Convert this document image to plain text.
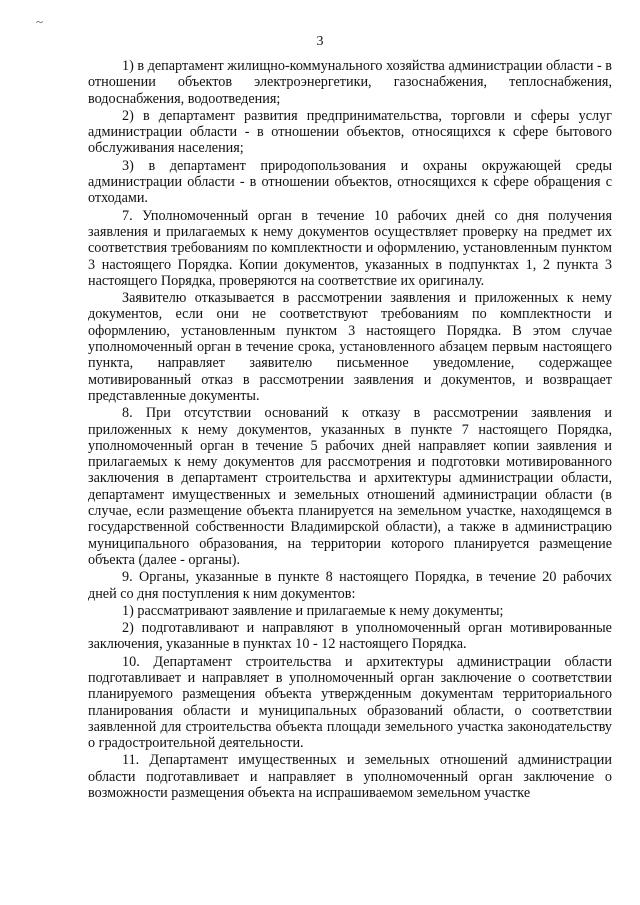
~
3

1) в департамент жилищно-коммунального хозяйства администрации области - в отношении объектов электроэнергетики, газоснабжения, теплоснабжения, водоснабжения, водоотведения;

2) в департамент развития предпринимательства, торговли и сферы услуг администрации области - в отношении объектов, относящихся к сфере бытового обслуживания населения;

3) в департамент природопользования и охраны окружающей среды администрации области - в отношении объектов, относящихся к сфере обращения с отходами.

7. Уполномоченный орган в течение 10 рабочих дней со дня получения заявления и прилагаемых к нему документов осуществляет проверку на предмет их соответствия требованиям по комплектности и оформлению, установленным пунктом 3 настоящего Порядка. Копии документов, указанных в подпунктах 1, 2 пункта 3 настоящего Порядка, проверяются на соответствие их оригиналу.

Заявителю отказывается в рассмотрении заявления и приложенных к нему документов, если они не соответствуют требованиям по комплектности и оформлению, установленным пунктом 3 настоящего Порядка. В этом случае уполномоченный орган в течение срока, установленного абзацем первым настоящего пункта, направляет заявителю письменное уведомление, содержащее мотивированный отказ в рассмотрении заявления и документов, и возвращает представленные документы.

8. При отсутствии оснований к отказу в рассмотрении заявления и приложенных к нему документов, указанных в пункте 7 настоящего Порядка, уполномоченный орган в течение 5 рабочих дней направляет копии заявления и прилагаемых к нему документов для рассмотрения и подготовки мотивированного заключения в департамент строительства и архитектуры администрации области, департамент имущественных и земельных отношений администрации области (в случае, если размещение объекта планируется на земельном участке, находящемся в государственной собственности Владимирской области), а также в администрацию муниципального образования, на территории которого планируется размещение объекта (далее - органы).

9. Органы, указанные в пункте 8 настоящего Порядка, в течение 20 рабочих дней со дня поступления к ним документов:

1) рассматривают заявление и прилагаемые к нему документы;

2) подготавливают и направляют в уполномоченный орган мотивированные заключения, указанные в пунктах 10 - 12 настоящего Порядка.

10. Департамент строительства и архитектуры администрации области подготавливает и направляет в уполномоченный орган заключение о соответствии планируемого размещения объекта утвержденным документам территориального планирования области и муниципальных образований области, о соответствии заявленной для строительства объекта площади земельного участка законодательству о градостроительной деятельности.

11. Департамент имущественных и земельных отношений администрации области подготавливает и направляет в уполномоченный орган заключение о возможности размещения объекта на испрашиваемом земельном участке
